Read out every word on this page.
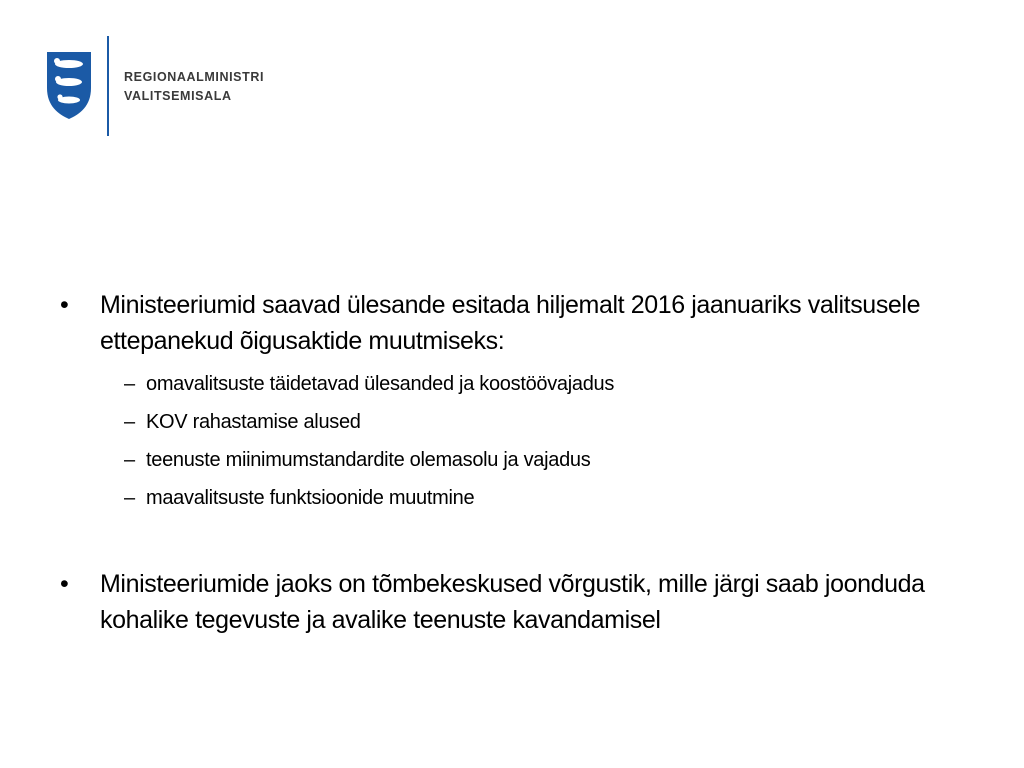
REGIONAALMINISTRI
VALITSEMISALA
•	Ministeeriumid saavad ülesande esitada hiljemalt 2016 jaanuariks valitsusele ettepanekud õigusaktide muutmiseks:
– omavalitsuste täidetavad ülesanded ja koostöövajadus
– KOV rahastamise alused
– teenuste miinimumstandardite olemasolu ja vajadus
– maavalitsuste funktsioonide muutmine
•	Ministeeriumide jaoks on tõmbekeskused võrgustik, mille järgi saab joonduda kohalike tegevuste ja avalike teenuste kavandamisel
